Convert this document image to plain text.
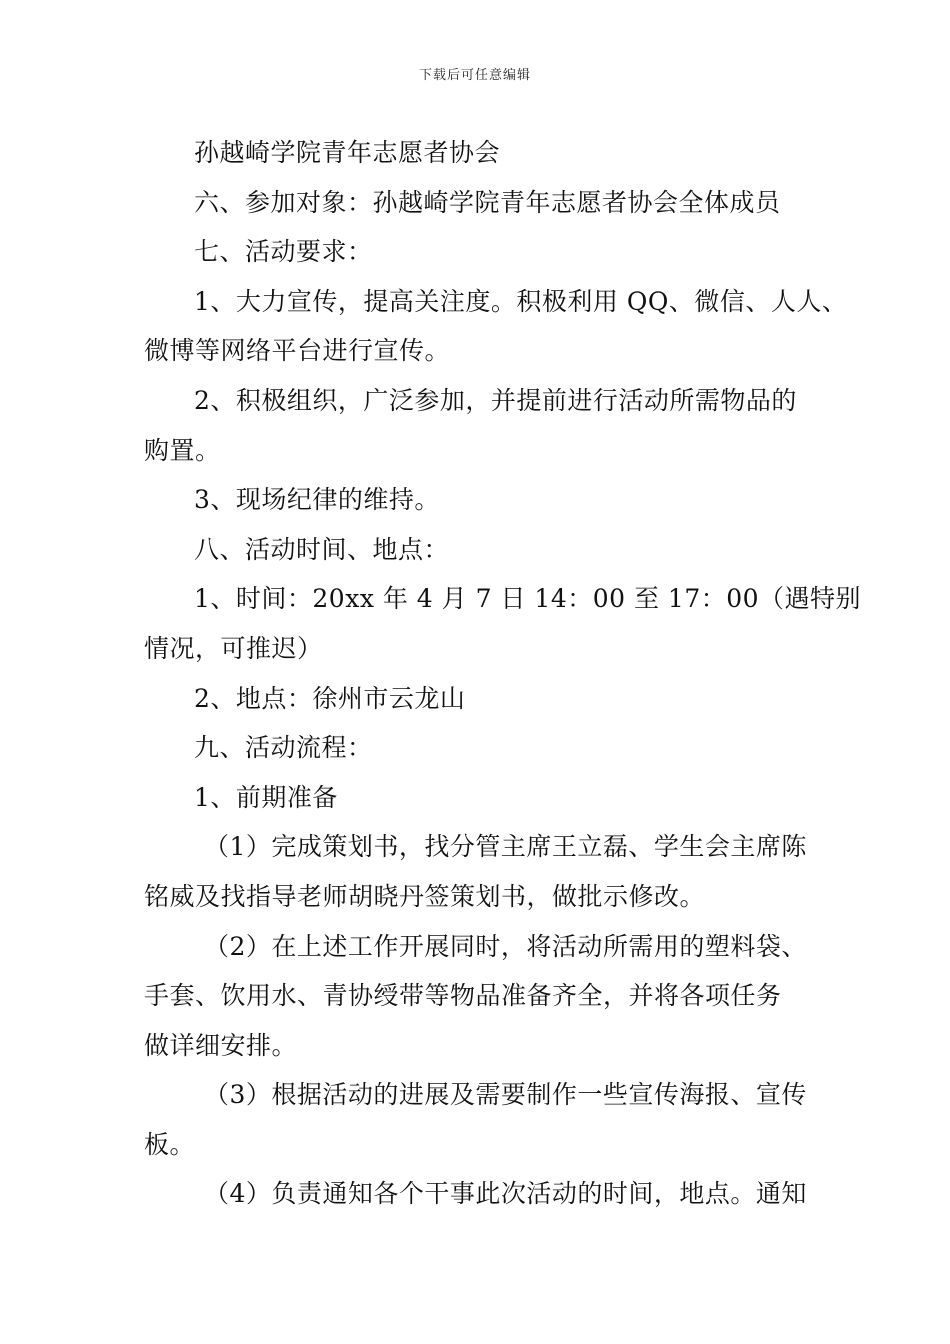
下载后可任意编辑
孙越崎学院青年志愿者协会
六、参加对象：孙越崎学院青年志愿者协会全体成员
七、活动要求：
1、大力宣传，提高关注度。积极利用 QQ、微信、人人、
微博等网络平台进行宣传。
2、积极组织，广泛参加，并提前进行活动所需物品的
购置。
3、现场纪律的维持。
八、活动时间、地点：
1、时间：20xx 年 4 月 7 日 14：00 至 17：00（遇特别
情况，可推迟）
2、地点：徐州市云龙山
九、活动流程：
1、前期准备
（1）完成策划书，找分管主席王立磊、学生会主席陈
铭威及找指导老师胡晓丹签策划书，做批示修改。
（2）在上述工作开展同时，将活动所需用的塑料袋、
手套、饮用水、青协绶带等物品准备齐全，并将各项任务
做详细安排。
（3）根据活动的进展及需要制作一些宣传海报、宣传
板。
（4）负责通知各个干事此次活动的时间，地点。通知
